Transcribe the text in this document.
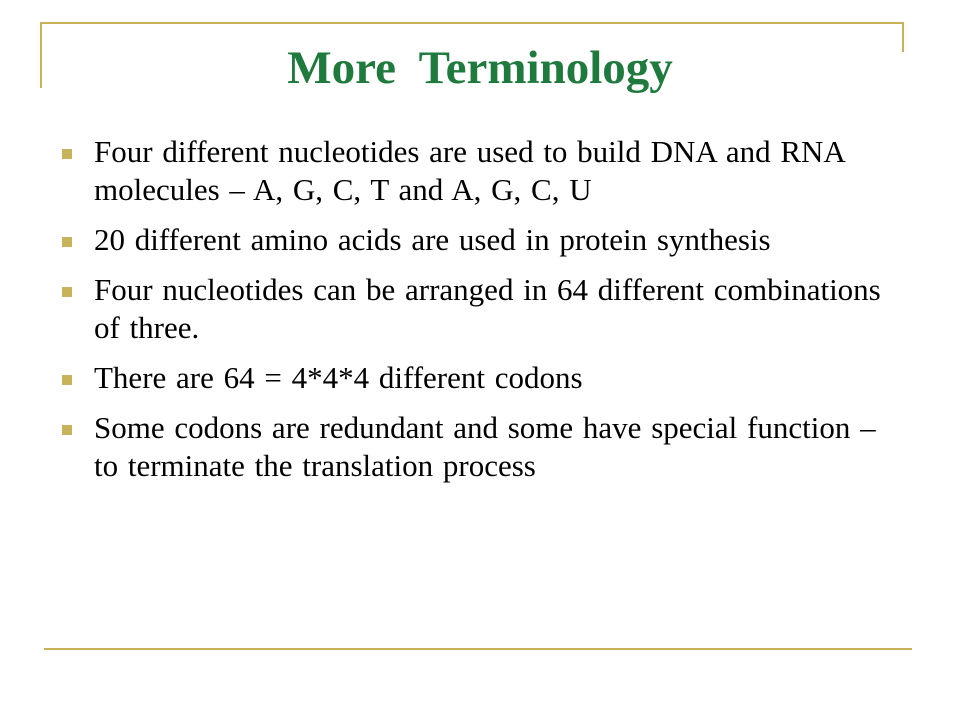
More  Terminology
Four different nucleotides are used to build DNA and RNA molecules – A, G, C, T and A, G, C, U
20 different amino acids are used in protein synthesis
Four nucleotides can be arranged in 64 different combinations of three.
There are 64 = 4*4*4 different codons
Some codons are redundant and some have special function – to terminate the translation process
